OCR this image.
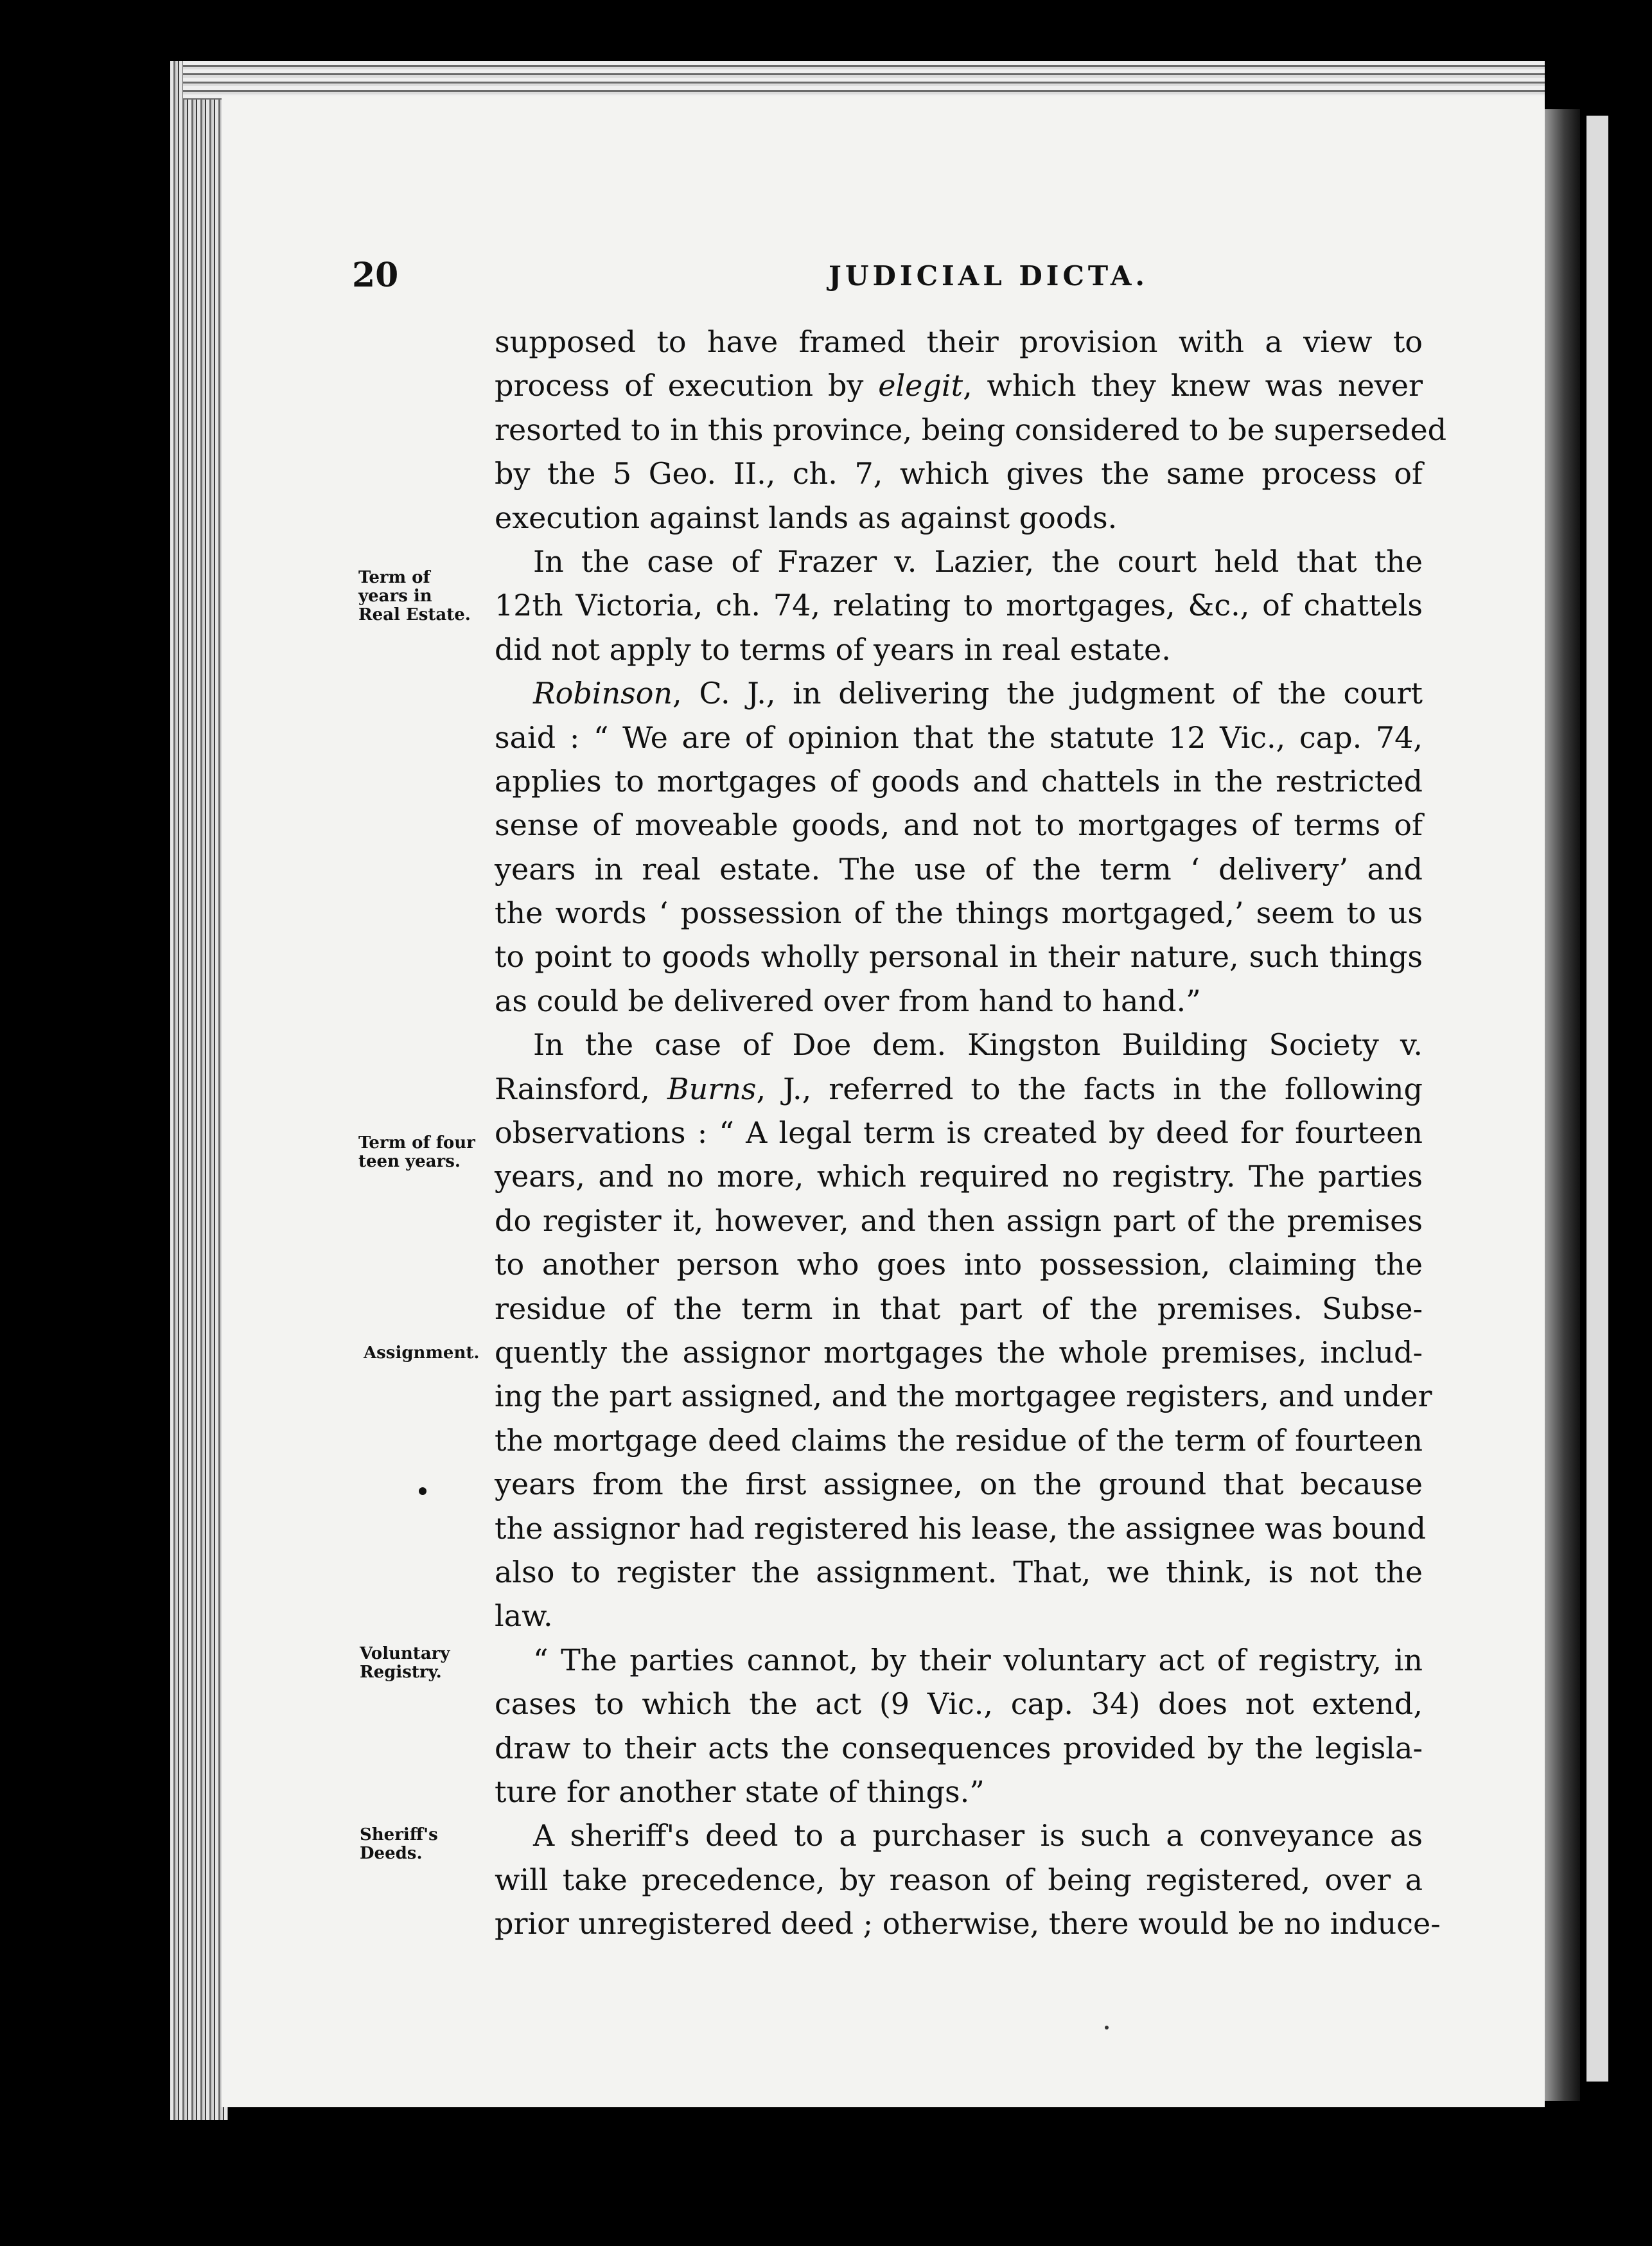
20	JUDICIAL DICTA.
Term of
years in
Real Estate.
Term of four
teen years.
Assignment.
Voluntary
Registry.
Sheriff's
Deeds.
supposed to have framed their provision with a view to
process of execution by elegit, which they knew was never
resorted to in this province, being considered to be superseded
by the 5 Geo. II., ch. 7, which gives the same process of
execution against lands as against goods.
In the case of Frazer v. Lazier, the court held that the
12th Victoria, ch. 74, relating to mortgages, &c., of chattels
did not apply to terms of years in real estate.
Robinson, C. J., in delivering the judgment of the court
said : “ We are of opinion that the statute 12 Vic., cap. 74,
applies to mortgages of goods and chattels in the restricted
sense of moveable goods, and not to mortgages of terms of
years in real estate. The use of the term ‘ delivery’ and
the words ‘ possession of the things mortgaged,’ seem to us
to point to goods wholly personal in their nature, such things
as could be delivered over from hand to hand.”
In the case of Doe dem. Kingston Building Society v.
Rainsford, Burns, J., referred to the facts in the following
observations : “ A legal term is created by deed for fourteen
years, and no more, which required no registry. The parties
do register it, however, and then assign part of the premises
to another person who goes into possession, claiming the
residue of the term in that part of the premises. Subse-
quently the assignor mortgages the whole premises, includ-
ing the part assigned, and the mortgagee registers, and under
the mortgage deed claims the residue of the term of fourteen
years from the first assignee, on the ground that because
the assignor had registered his lease, the assignee was bound
also to register the assignment. That, we think, is not the
law.
“ The parties cannot, by their voluntary act of registry, in
cases to which the act (9 Vic., cap. 34) does not extend,
draw to their acts the consequences provided by the legisla-
ture for another state of things.”
A sheriff's deed to a purchaser is such a conveyance as
will take precedence, by reason of being registered, over a
prior unregistered deed ; otherwise, there would be no induce-
